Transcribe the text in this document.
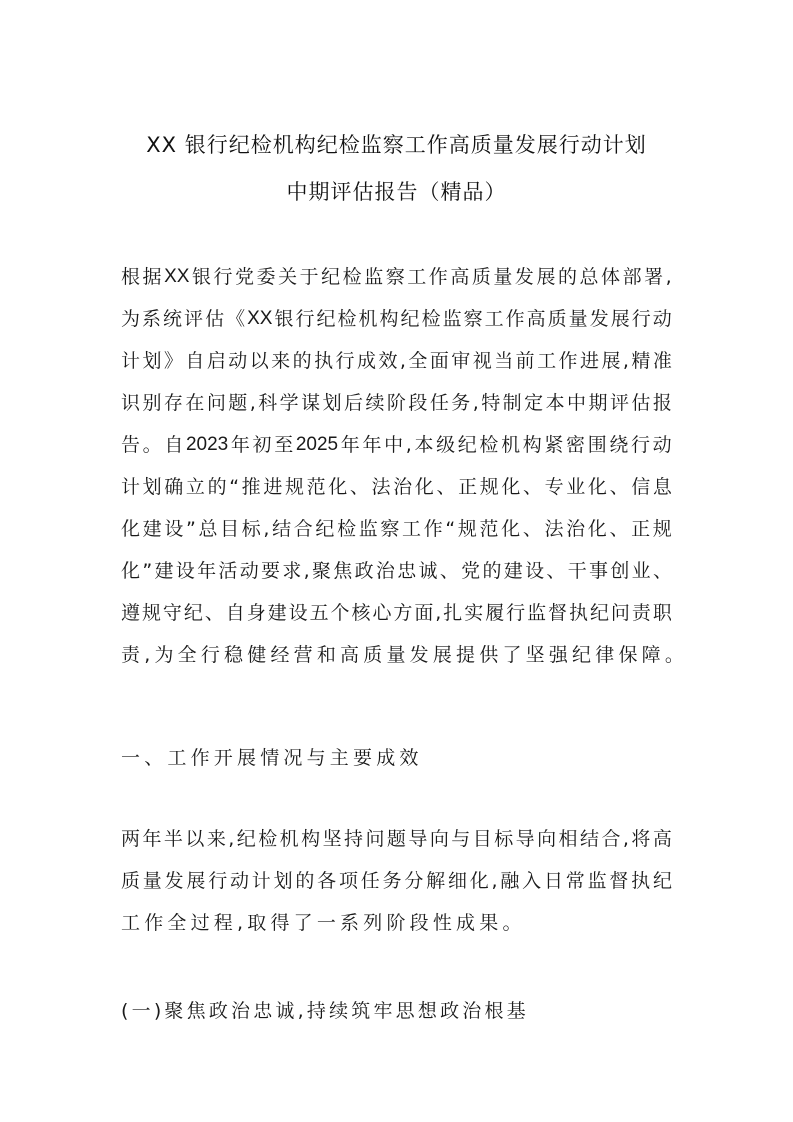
XX 银行纪检机构纪检监察工作高质量发展行动计划
中期评估报告（精品）
根 据 XX 银 行 党 委 关 于 纪 检 监 察 工 作 高 质 量 发 展 的 总 体 部 署 ,
为 系 统 评 估 《 XX 银 行 纪 检 机 构 纪 检 监 察 工 作 高 质 量 发 展 行 动
计 划 》 自 启 动 以 来 的 执 行 成 效 , 全 面 审 视 当 前 工 作 进 展 , 精 准
识 别 存 在 问 题 , 科 学 谋 划 后 续 阶 段 任 务 , 特 制 定 本 中 期 评 估 报
告 。 自 2023 年 初 至 2025 年 年 中 , 本 级 纪 检 机 构 紧 密 围 绕 行 动
计 划 确 立 的 “ 推 进 规 范 化 、 法 治 化 、 正 规 化 、 专 业 化 、 信 息
化 建 设 ” 总 目 标 , 结 合 纪 检 监 察 工 作 “ 规 范 化 、 法 治 化 、 正 规
化 ” 建 设 年 活 动 要 求 , 聚 焦 政 治 忠 诚 、 党 的 建 设 、 干 事 创 业 、
遵 规 守 纪 、 自 身 建 设 五 个 核 心 方 面 , 扎 实 履 行 监 督 执 纪 问 责 职
责,为全行稳健经营和高质量发展提供了坚强纪律保障。
一、工作开展情况与主要成效
两 年 半 以 来 , 纪 检 机 构 坚 持 问 题 导 向 与 目 标 导 向 相 结 合 , 将 高
质 量 发 展 行 动 计 划 的 各 项 任 务 分 解 细 化 , 融 入 日 常 监 督 执 纪
工作全过程,取得了一系列阶段性成果。
(一)聚焦政治忠诚,持续筑牢思想政治根基
